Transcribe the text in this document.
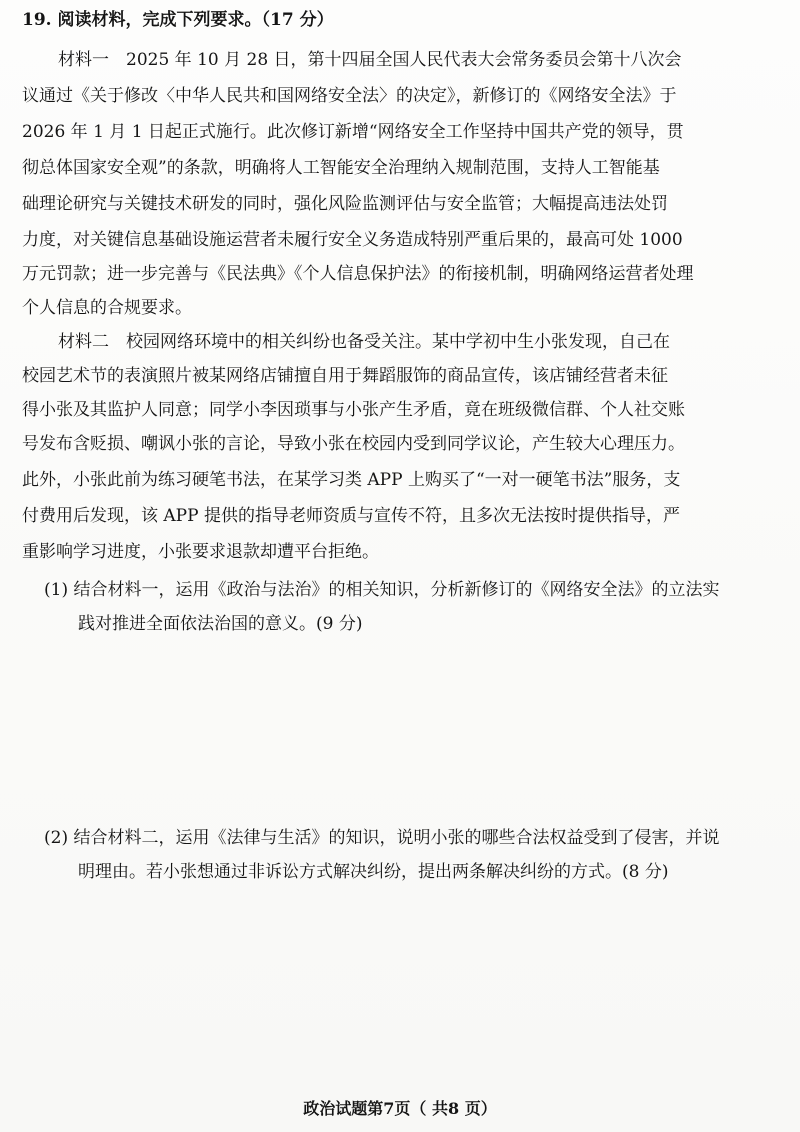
19. 阅读材料，完成下列要求。（17 分）
材料一　2025 年 10 月 28 日，第十四届全国人民代表大会常务委员会第十八次会
议通过《关于修改〈中华人民共和国网络安全法〉的决定》，新修订的《网络安全法》于
2026 年 1 月 1 日起正式施行。此次修订新增“网络安全工作坚持中国共产党的领导，贯
彻总体国家安全观”的条款，明确将人工智能安全治理纳入规制范围，支持人工智能基
础理论研究与关键技术研发的同时，强化风险监测评估与安全监管；大幅提高违法处罚
力度，对关键信息基础设施运营者未履行安全义务造成特别严重后果的，最高可处 1000
万元罚款；进一步完善与《民法典》《个人信息保护法》的衔接机制，明确网络运营者处理
个人信息的合规要求。
材料二　校园网络环境中的相关纠纷也备受关注。某中学初中生小张发现，自己在
校园艺术节的表演照片被某网络店铺擅自用于舞蹈服饰的商品宣传，该店铺经营者未征
得小张及其监护人同意；同学小李因琐事与小张产生矛盾，竟在班级微信群、个人社交账
号发布含贬损、嘲讽小张的言论，导致小张在校园内受到同学议论，产生较大心理压力。
此外，小张此前为练习硬笔书法，在某学习类 APP 上购买了“一对一硬笔书法”服务，支
付费用后发现，该 APP 提供的指导老师资质与宣传不符，且多次无法按时提供指导，严
重影响学习进度，小张要求退款却遭平台拒绝。
(1) 结合材料一，运用《政治与法治》的相关知识，分析新修订的《网络安全法》的立法实
践对推进全面依法治国的意义。(9 分)
(2) 结合材料二，运用《法律与生活》的知识，说明小张的哪些合法权益受到了侵害，并说
明理由。若小张想通过非诉讼方式解决纠纷，提出两条解决纠纷的方式。(8 分)
政治试题第7页（ 共8 页）
